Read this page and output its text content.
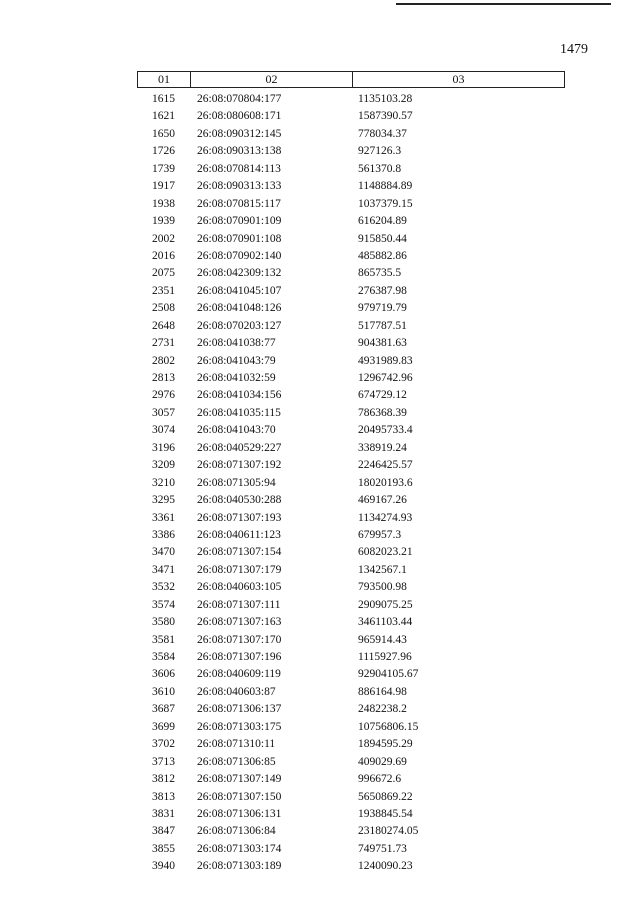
1479
01	02	03
1615	26:08:070804:177	1135103.28
1621	26:08:080608:171	1587390.57
1650	26:08:090312:145	778034.37
1726	26:08:090313:138	927126.3
1739	26:08:070814:113	561370.8
1917	26:08:090313:133	1148884.89
1938	26:08:070815:117	1037379.15
1939	26:08:070901:109	616204.89
2002	26:08:070901:108	915850.44
2016	26:08:070902:140	485882.86
2075	26:08:042309:132	865735.5
2351	26:08:041045:107	276387.98
2508	26:08:041048:126	979719.79
2648	26:08:070203:127	517787.51
2731	26:08:041038:77	904381.63
2802	26:08:041043:79	4931989.83
2813	26:08:041032:59	1296742.96
2976	26:08:041034:156	674729.12
3057	26:08:041035:115	786368.39
3074	26:08:041043:70	20495733.4
3196	26:08:040529:227	338919.24
3209	26:08:071307:192	2246425.57
3210	26:08:071305:94	18020193.6
3295	26:08:040530:288	469167.26
3361	26:08:071307:193	1134274.93
3386	26:08:040611:123	679957.3
3470	26:08:071307:154	6082023.21
3471	26:08:071307:179	1342567.1
3532	26:08:040603:105	793500.98
3574	26:08:071307:111	2909075.25
3580	26:08:071307:163	3461103.44
3581	26:08:071307:170	965914.43
3584	26:08:071307:196	1115927.96
3606	26:08:040609:119	92904105.67
3610	26:08:040603:87	886164.98
3687	26:08:071306:137	2482238.2
3699	26:08:071303:175	10756806.15
3702	26:08:071310:11	1894595.29
3713	26:08:071306:85	409029.69
3812	26:08:071307:149	996672.6
3813	26:08:071307:150	5650869.22
3831	26:08:071306:131	1938845.54
3847	26:08:071306:84	23180274.05
3855	26:08:071303:174	749751.73
3940	26:08:071303:189	1240090.23
